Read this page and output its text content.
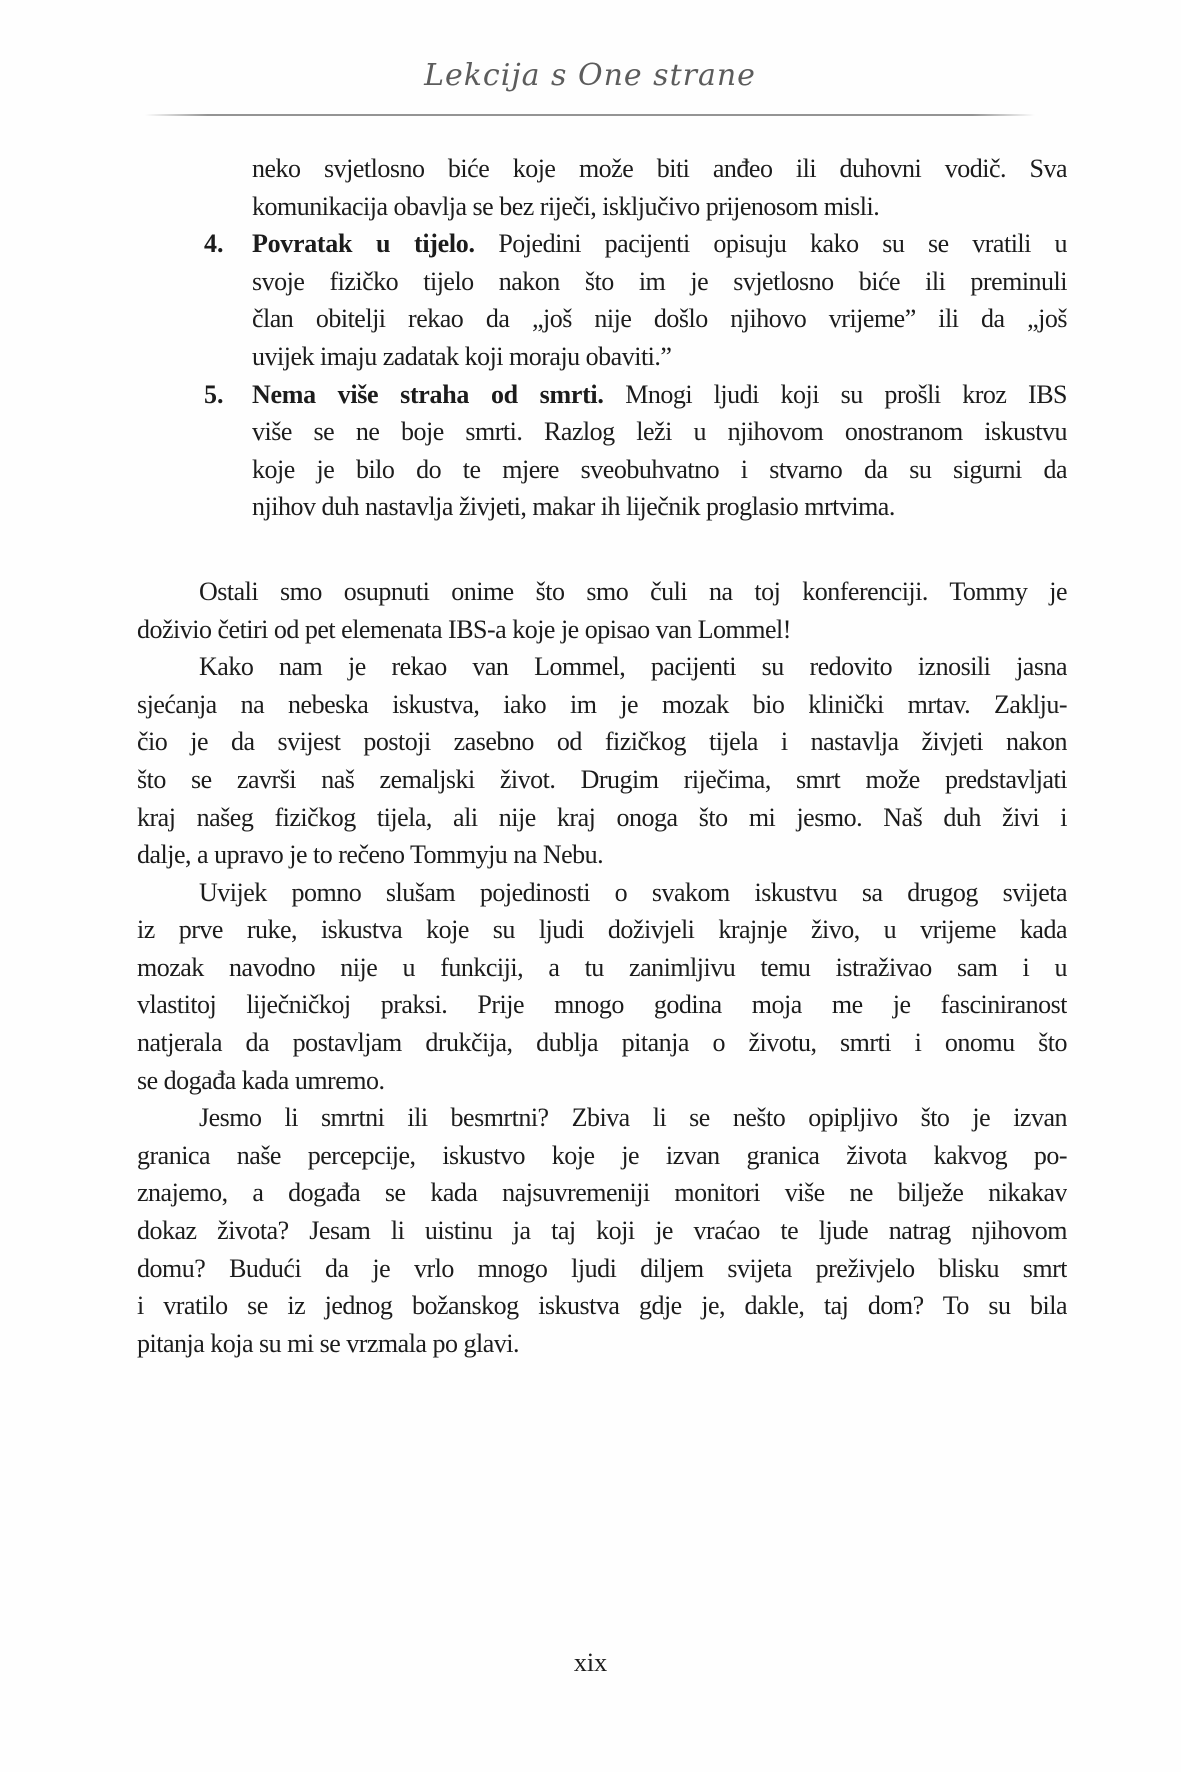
Lekcija s One strane
neko svjetlosno biće koje može biti anđeo ili duhovni vodič. Sva
komunikacija obavlja se bez riječi, isključivo prijenosom misli.
4. Povratak u tijelo. Pojedini pacijenti opisuju kako su se vratili u
svoje fizičko tijelo nakon što im je svjetlosno biće ili preminuli
član obitelji rekao da „još nije došlo njihovo vrijeme” ili da „još
uvijek imaju zadatak koji moraju obaviti.”
5. Nema više straha od smrti. Mnogi ljudi koji su prošli kroz IBS
više se ne boje smrti. Razlog leži u njihovom onostranom iskustvu
koje je bilo do te mjere sveobuhvatno i stvarno da su sigurni da
njihov duh nastavlja živjeti, makar ih liječnik proglasio mrtvima.
Ostali smo osupnuti onime što smo čuli na toj konferenciji. Tommy je
doživio četiri od pet elemenata IBS-a koje je opisao van Lommel!
Kako nam je rekao van Lommel, pacijenti su redovito iznosili jasna
sjećanja na nebeska iskustva, iako im je mozak bio klinički mrtav. Zaklju-
čio je da svijest postoji zasebno od fizičkog tijela i nastavlja živjeti nakon
što se završi naš zemaljski život. Drugim riječima, smrt može predstavljati
kraj našeg fizičkog tijela, ali nije kraj onoga što mi jesmo. Naš duh živi i
dalje, a upravo je to rečeno Tommyju na Nebu.
Uvijek pomno slušam pojedinosti o svakom iskustvu sa drugog svijeta
iz prve ruke, iskustva koje su ljudi doživjeli krajnje živo, u vrijeme kada
mozak navodno nije u funkciji, a tu zanimljivu temu istraživao sam i u
vlastitoj liječničkoj praksi. Prije mnogo godina moja me je fasciniranost
natjerala da postavljam drukčija, dublja pitanja o životu, smrti i onomu što
se događa kada umremo.
Jesmo li smrtni ili besmrtni? Zbiva li se nešto opipljivo što je izvan
granica naše percepcije, iskustvo koje je izvan granica života kakvog po-
znajemo, a događa se kada najsuvremeniji monitori više ne bilježe nikakav
dokaz života? Jesam li uistinu ja taj koji je vraćao te ljude natrag njihovom
domu? Budući da je vrlo mnogo ljudi diljem svijeta preživjelo blisku smrt
i vratilo se iz jednog božanskog iskustva gdje je, dakle, taj dom? To su bila
pitanja koja su mi se vrzmala po glavi.
xix
